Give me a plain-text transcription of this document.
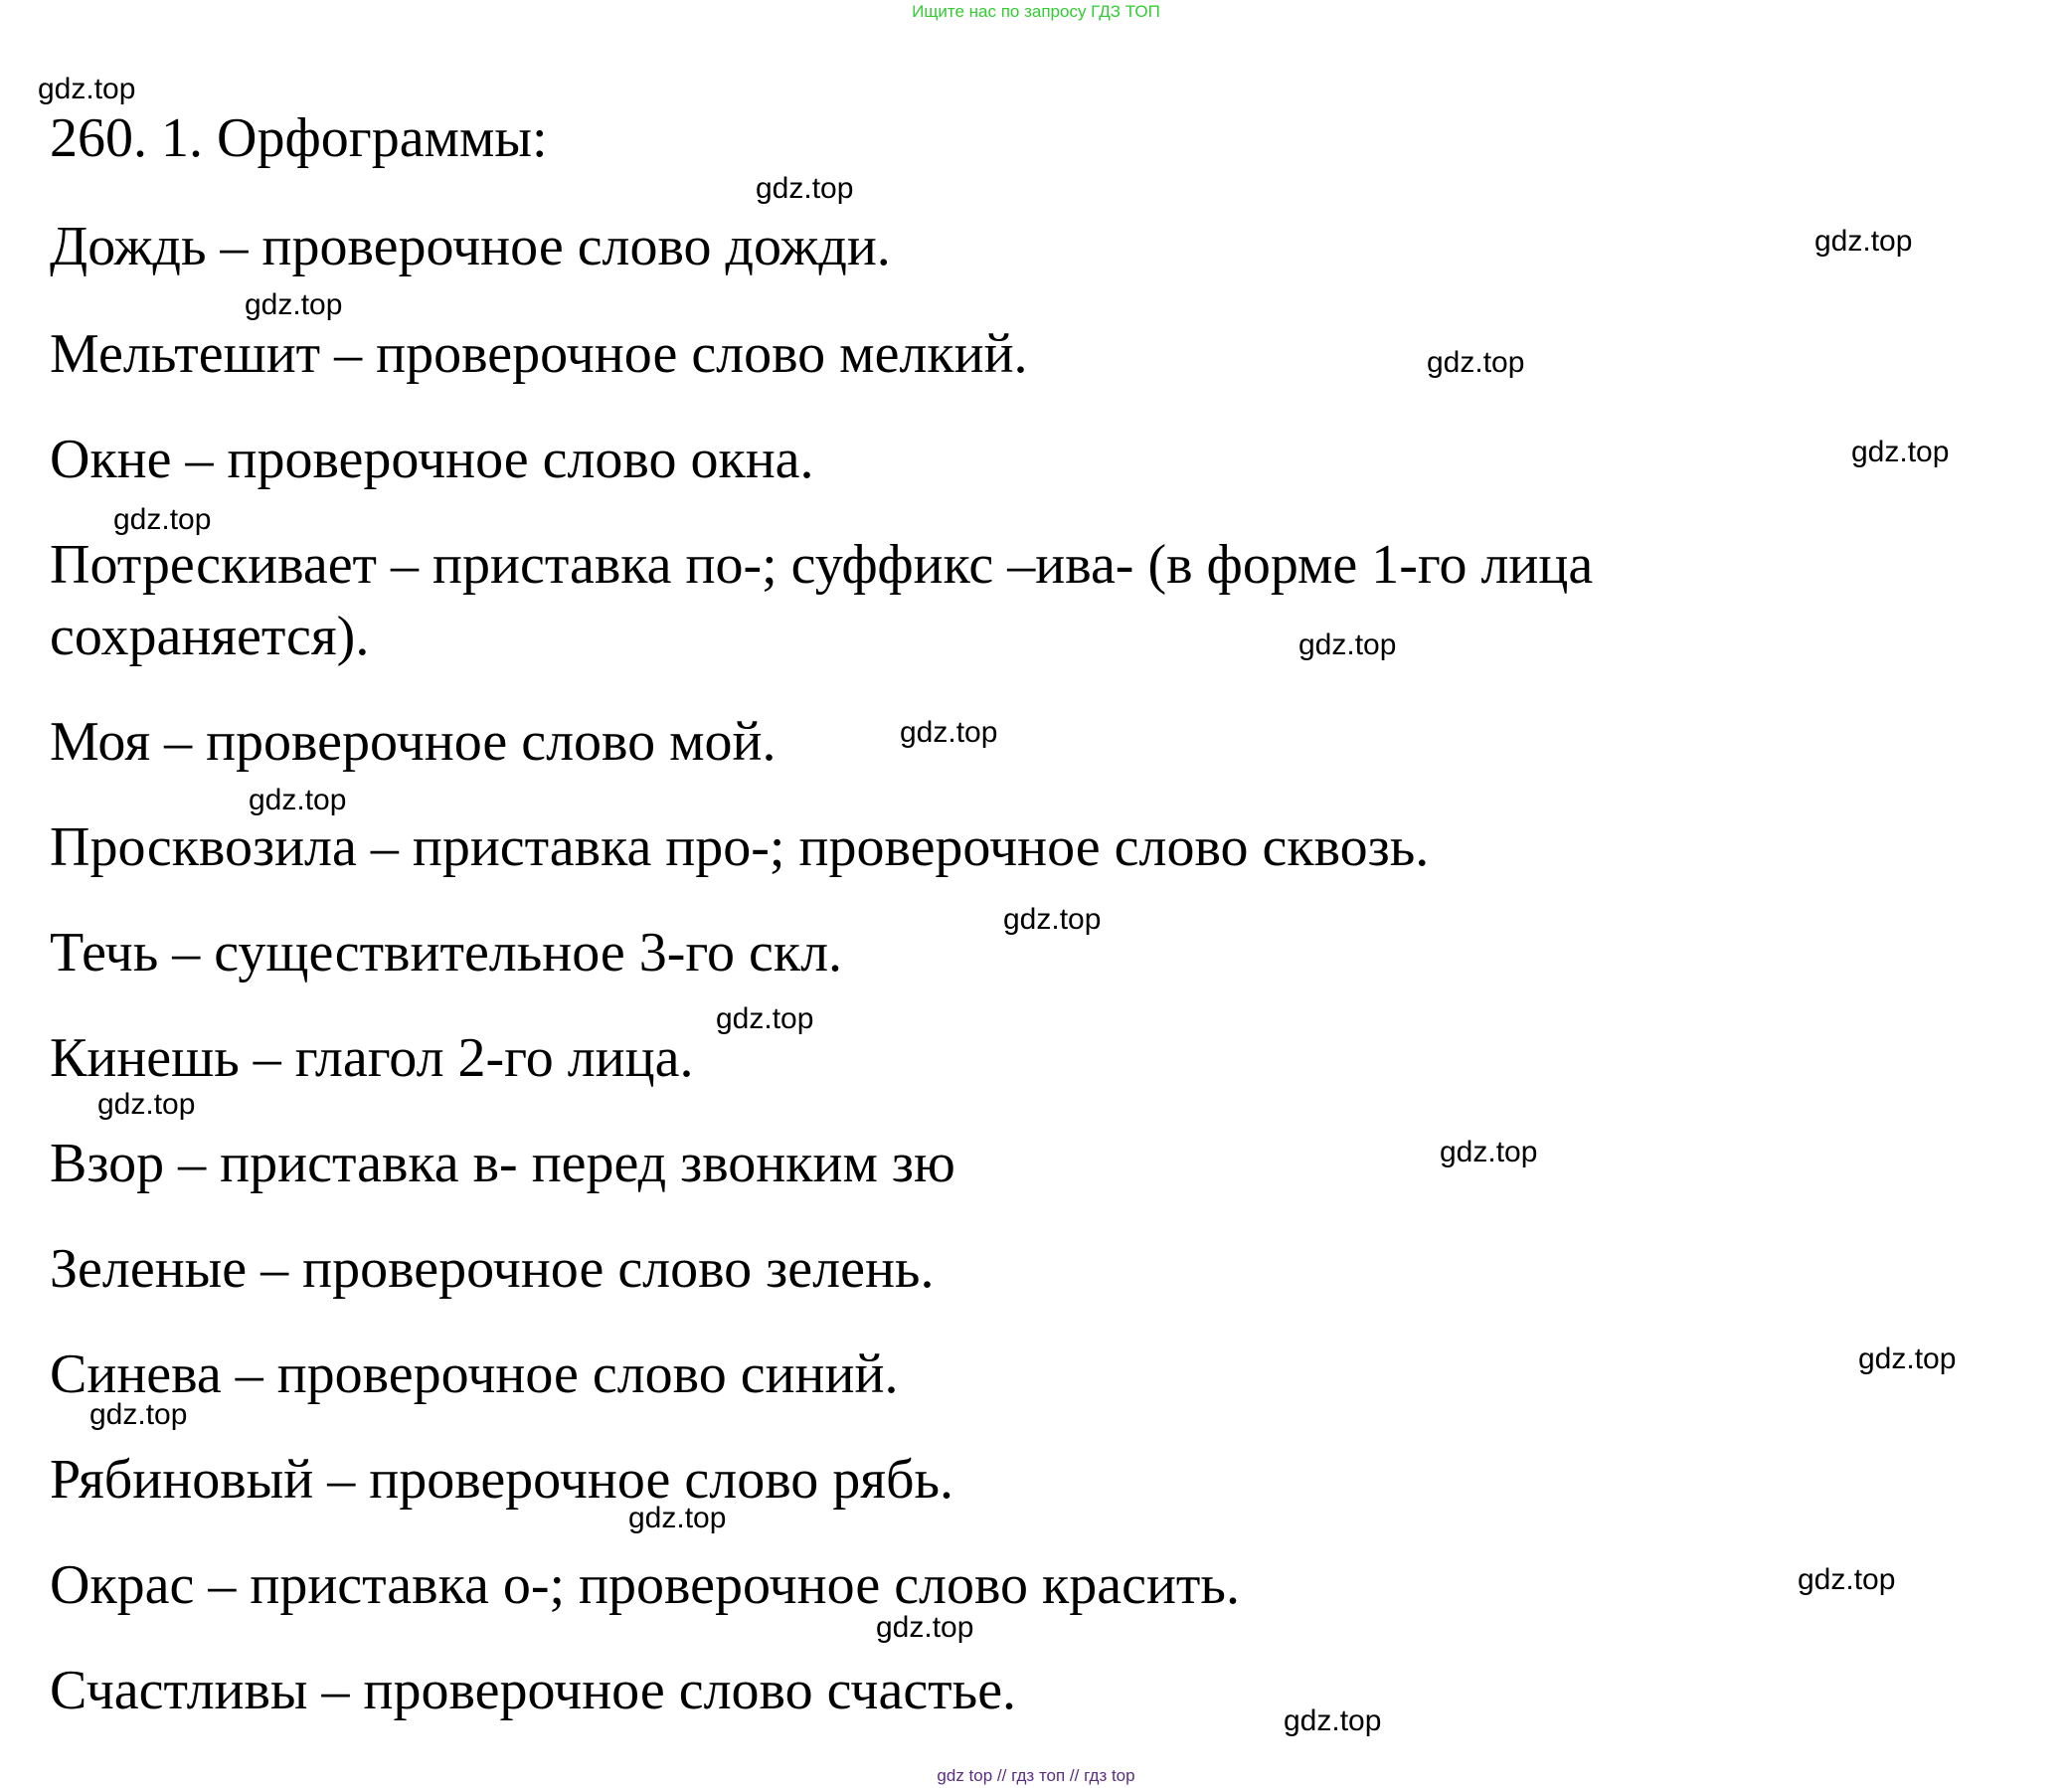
Ищите нас по запросу ГДЗ ТОП
260. 1. Орфограммы:
Дождь – проверочное слово дожди.
Мельтешит – проверочное слово мелкий.
Окне – проверочное слово окна.
Потрескивает – приставка по-; суффикс –ива- (в форме 1-го лица
сохраняется).
Моя – проверочное слово мой.
Просквозила – приставка про-; проверочное слово сквозь.
Течь – существительное 3-го скл.
Кинешь – глагол 2-го лица.
Взор – приставка в- перед звонким зю
Зеленые – проверочное слово зелень.
Синева – проверочное слово синий.
Рябиновый – проверочное слово рябь.
Окрас – приставка о-; проверочное слово красить.
Счастливы – проверочное слово счастье.
gdz.top
gdz.top
gdz.top
gdz.top
gdz.top
gdz.top
gdz.top
gdz.top
gdz.top
gdz.top
gdz.top
gdz.top
gdz.top
gdz.top
gdz.top
gdz.top
gdz.top
gdz.top
gdz.top
gdz.top
gdz top // гдз топ // гдз top
